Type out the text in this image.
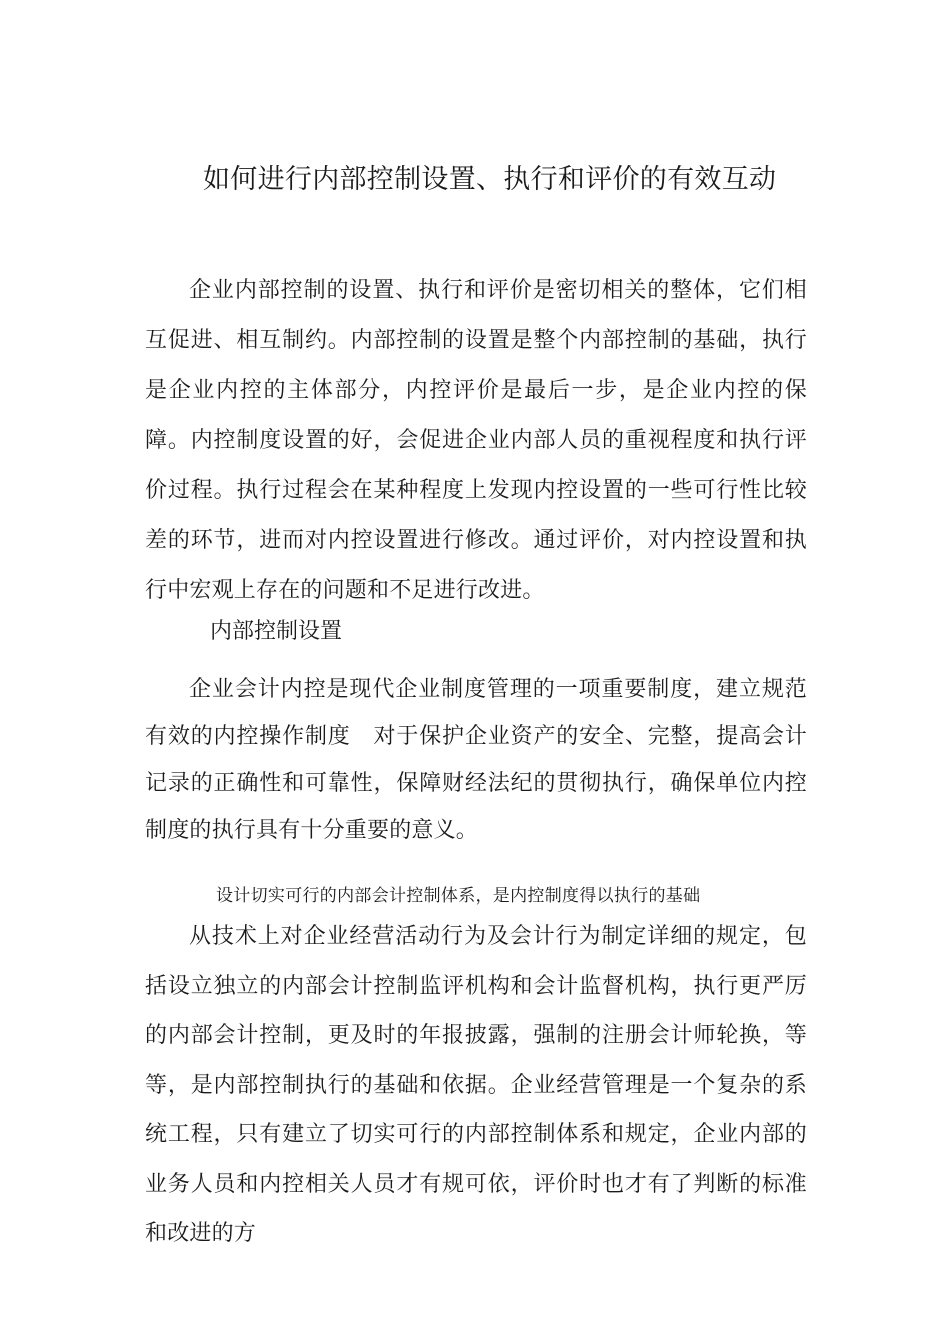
如何进行内部控制设置、执行和评价的有效互动

企业内部控制的设置、执行和评价是密切相关的整体，它们相互促进、相互制约。内部控制的设置是整个内部控制的基础，执行是企业内控的主体部分，内控评价是最后一步，是企业内控的保障。内控制度设置的好，会促进企业内部人员的重视程度和执行评价过程。执行过程会在某种程度上发现内控设置的一些可行性比较差的环节，进而对内控设置进行修改。通过评价，对内控设置和执行中宏观上存在的问题和不足进行改进。

内部控制设置

企业会计内控是现代企业制度管理的一项重要制度，建立规范有效的内控操作制度　对于保护企业资产的安全、完整，提高会计记录的正确性和可靠性，保障财经法纪的贯彻执行，确保单位内控制度的执行具有十分重要的意义。

设计切实可行的内部会计控制体系，是内控制度得以执行的基础

从技术上对企业经营活动行为及会计行为制定详细的规定，包括设立独立的内部会计控制监评机构和会计监督机构，执行更严厉的内部会计控制，更及时的年报披露，强制的注册会计师轮换，等等，是内部控制执行的基础和依据。企业经营管理是一个复杂的系统工程，只有建立了切实可行的内部控制体系和规定，企业内部的业务人员和内控相关人员才有规可依，评价时也才有了判断的标准和改进的方
